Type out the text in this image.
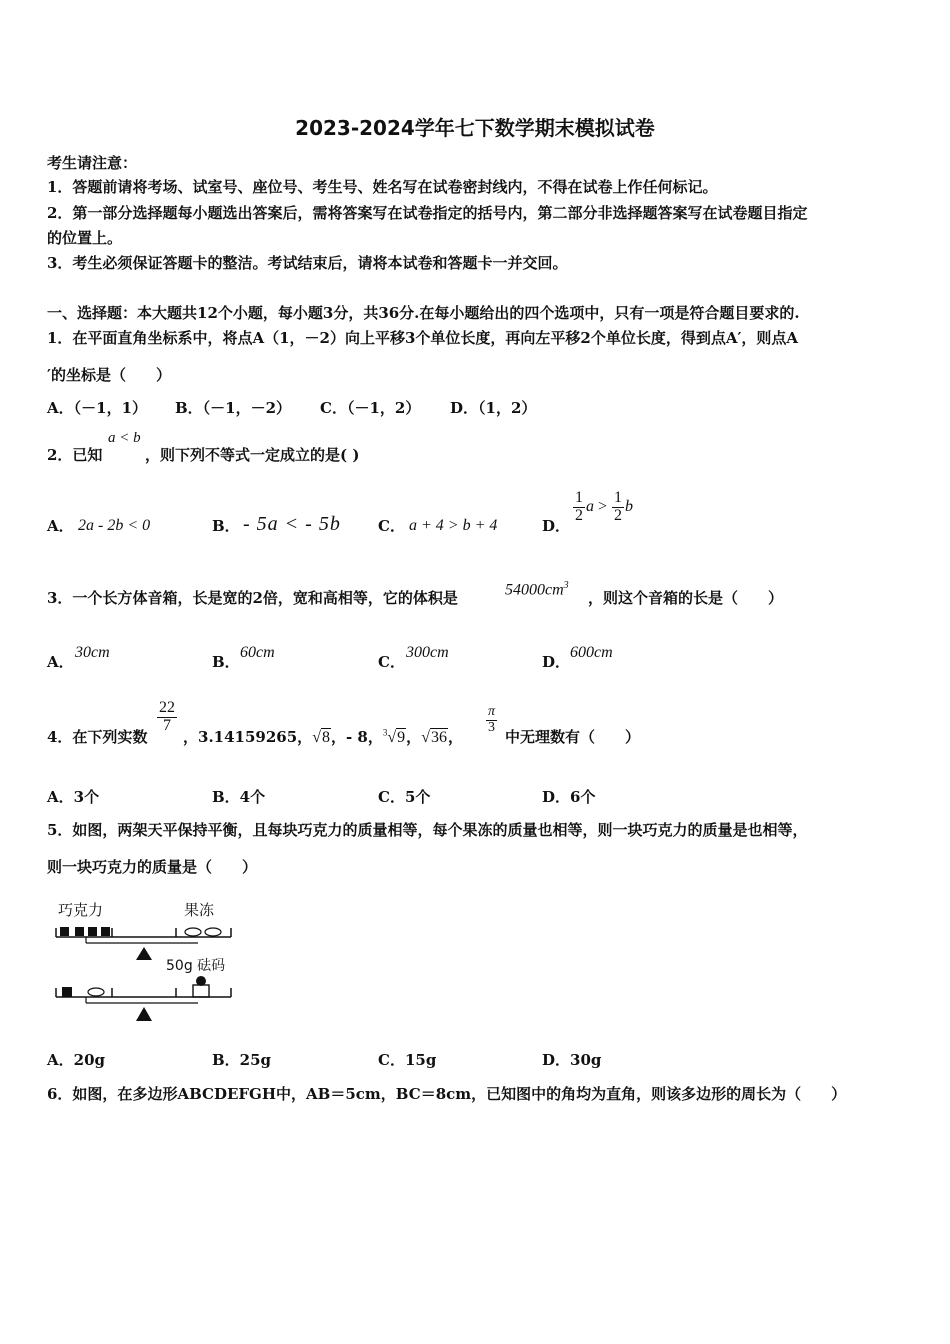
2023-2024学年七下数学期末模拟试卷
考生请注意：
1．答题前请将考场、试室号、座位号、考生号、姓名写在试卷密封线内，不得在试卷上作任何标记。
2．第一部分选择题每小题选出答案后，需将答案写在试卷指定的括号内，第二部分非选择题答案写在试卷题目指定
的位置上。
3．考生必须保证答题卡的整洁。考试结束后，请将本试卷和答题卡一并交回。
一、选择题：本大题共12个小题，每小题3分，共36分.在每小题给出的四个选项中，只有一项是符合题目要求的.
1．在平面直角坐标系中，将点A（1，－2）向上平移3个单位长度，再向左平移2个单位长度，得到点A′，则点A
′的坐标是（　　）
A．（－1，1） B．（－1，－2） C．（－1，2） D．（1，2）
2．已知
a < b
，则下列不等式一定成立的是( )
A． 2a - 2b < 0	B． - 5a < - 5b C． a + 4 > b + 4	D．
$\frac{1}{2}$ $a > \frac{1}{2}$ b
3．一个长方体音箱，长是宽的2倍，宽和高相等，它的体积是	$54000cm^3$
，则这个音箱的长是（　　）
A．
30cm
B．
60cm
C．
300cm
D．
600cm
4．在下列实数
$\frac{22}{7}$
，3.14159265，√8，- 8，$^3$√9，√36，
$\frac{\pi}{3}$
中无理数有（　　）
A．3个	B．4个	C．5个	D．6个
5．如图，两架天平保持平衡，且每块巧克力的质量相等，每个果冻的质量也相等，则一块巧克力的质量是也相等，
则一块巧克力的质量是（　　）
巧克力	果冻
50g 砝码
A．20g	B．25g	C．15g	D．30g
6．如图，在多边形ABCDEFGH中，AB＝5cm，BC＝8cm，已知图中的角均为直角，则该多边形的周长为（　　）
